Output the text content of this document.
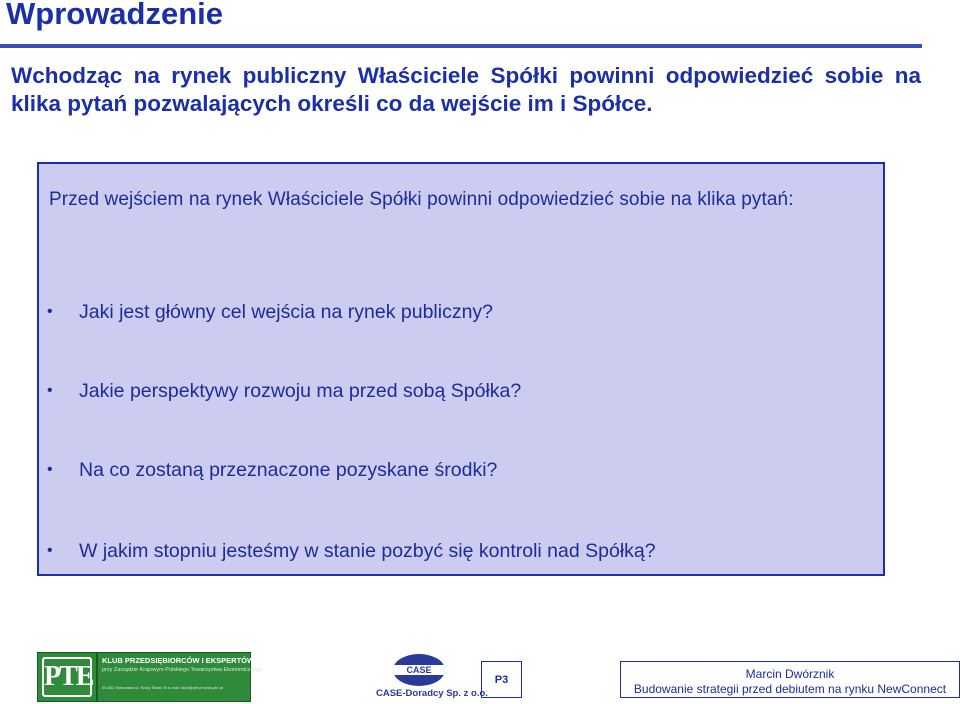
Wprowadzenie
Wchodząc na rynek publiczny Właściciele Spółki powinni odpowiedzieć sobie na klika pytań pozwalających określi co da wejście im i Spółce.
Przed wejściem na rynek Właściciele Spółki powinni odpowiedzieć sobie na klika pytań:
• Jaki jest główny cel wejścia na rynek publiczny?
• Jakie perspektywy rozwoju ma przed sobą Spółka?
• Na co zostaną przeznaczone pozyskane środki?
• W jakim stopniu jesteśmy w stanie pozbyć się kontroli nad Spółką?
PTE
KLUB PRZEDSIĘBIORCÓW I EKSPERTÓW
przy Zarządzie Krajowym Polskiego Towarzystwa Ekonomicznego
00-842 Warszawa ul. Nowy Świat 49 e-mail: klub@pte.pl www.pte.pl
CASE
CASE-Doradcy Sp. z o.o.
P3	Marcin Dwórznik
Budowanie strategii przed debiutem na rynku NewConnect
